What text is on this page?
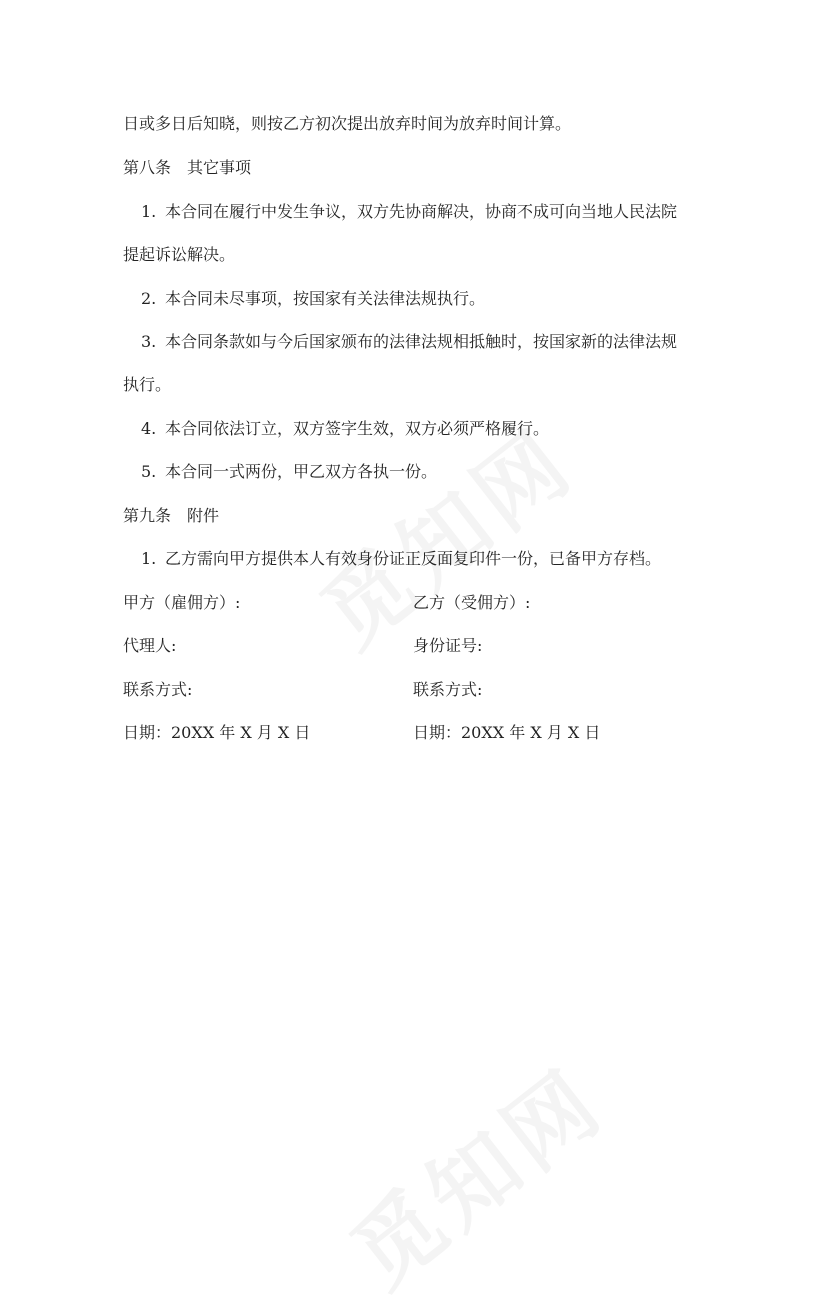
日或多日后知晓，则按乙方初次提出放弃时间为放弃时间计算。
第八条　其它事项
1. 本合同在履行中发生争议，双方先协商解决，协商不成可向当地人民法院
提起诉讼解决。
2. 本合同未尽事项，按国家有关法律法规执行。
3. 本合同条款如与今后国家颁布的法律法规相抵触时，按国家新的法律法规
执行。
4. 本合同依法订立，双方签字生效，双方必须严格履行。
5. 本合同一式两份，甲乙双方各执一份。
第九条　附件
1. 乙方需向甲方提供本人有效身份证正反面复印件一份，已备甲方存档。
甲方（雇佣方）:	乙方（受佣方）:
代理人:	身份证号:
联系方式:	联系方式:
日期：20XX 年 X 月 X 日	日期：20XX 年 X 月 X 日
